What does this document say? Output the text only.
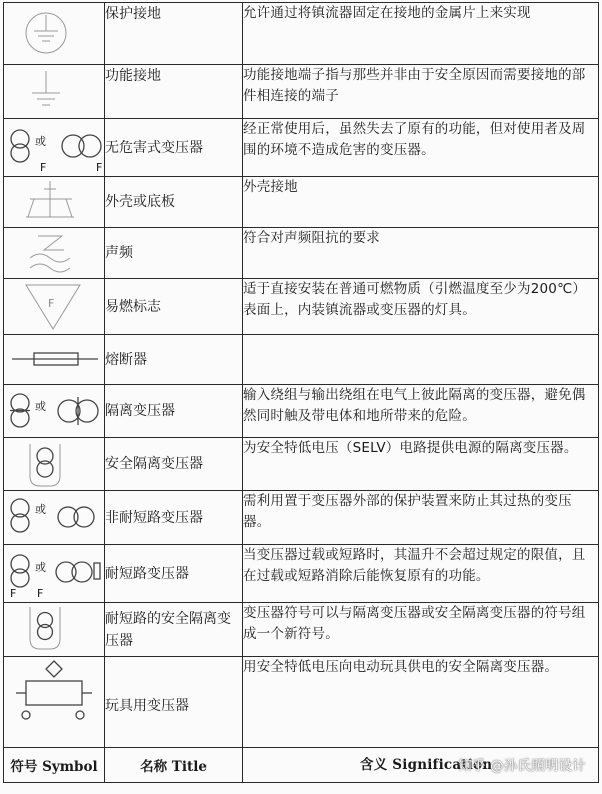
	保护接地	允许通过将镇流器固定在接地的金属片上来实现

	功能接地	功能接地端子指与那些并非由于安全原因而需要接地的部件相连接的端子

或
F F	无危害式变压器	经正常使用后，虽然失去了原有的功能，但对使用者及周围的环境不造成危害的变压器。

	外壳或底板	外壳接地

	声频	符合对声频阻抗的要求

F	易燃标志	适于直接安装在普通可燃物质（引燃温度至少为200℃）表面上，内装镇流器或变压器的灯具。

	熔断器	

或	隔离变压器	输入绕组与输出绕组在电气上彼此隔离的变压器，避免偶然同时触及带电体和地所带来的危险。

	安全隔离变压器	为安全特低电压（SELV）电路提供电源的隔离变压器。

或	非耐短路变压器	需利用置于变压器外部的保护装置来防止其过热的变压器。

或
F F	耐短路变压器	当变压器过载或短路时，其温升不会超过规定的限值，且在过载或短路消除后能恢复原有的功能。

	耐短路的安全隔离变压器	变压器符号可以与隔离变压器或安全隔离变压器的符号组成一个新符号。

	玩具用变压器	用安全特低电压向电动玩具供电的安全隔离变压器。
符号 Symbol	名称 Title	含义 Signification
知乎 @孙氏照明设计
